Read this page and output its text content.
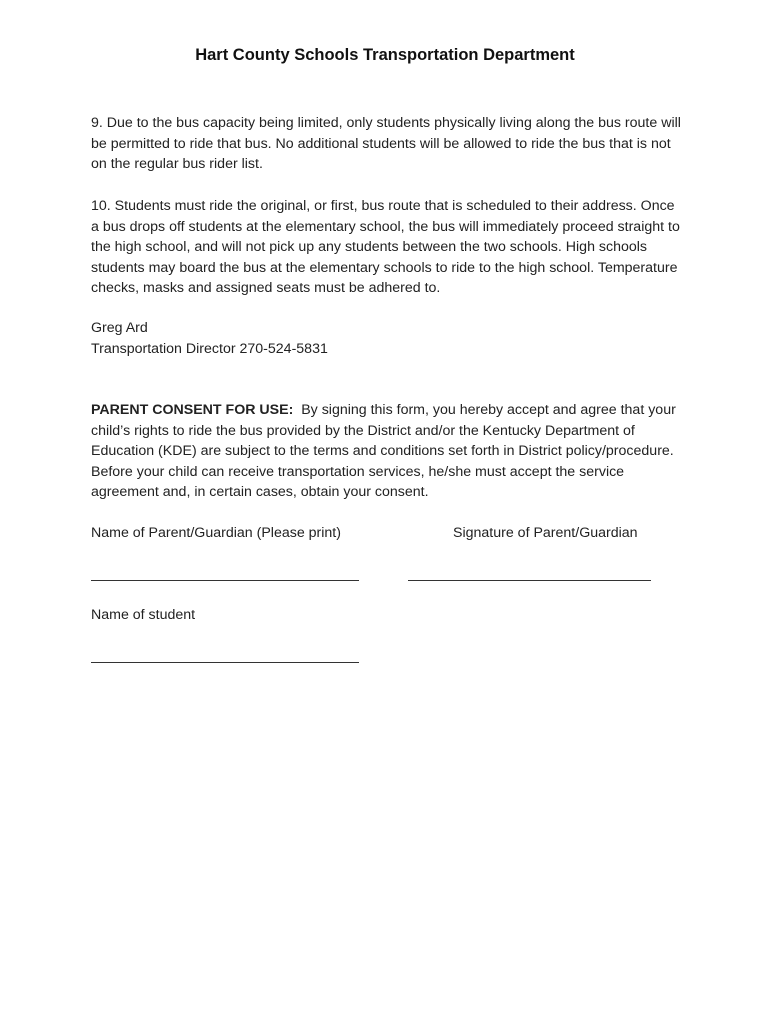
Hart County Schools Transportation Department
9. Due to the bus capacity being limited, only students physically living along the bus route will be permitted to ride that bus. No additional students will be allowed to ride the bus that is not on the regular bus rider list.
10. Students must ride the original, or first, bus route that is scheduled to their address. Once a bus drops off students at the elementary school, the bus will immediately proceed straight to the high school, and will not pick up any students between the two schools. High schools students may board the bus at the elementary schools to ride to the high school. Temperature checks, masks and assigned seats must be adhered to.
Greg Ard
Transportation Director 270-524-5831
PARENT CONSENT FOR USE: By signing this form, you hereby accept and agree that your child’s rights to ride the bus provided by the District and/or the Kentucky Department of Education (KDE) are subject to the terms and conditions set forth in District policy/procedure. Before your child can receive transportation services, he/she must accept the service agreement and, in certain cases, obtain your consent.
Name of Parent/Guardian (Please print)	Signature of Parent/Guardian
Name of student
